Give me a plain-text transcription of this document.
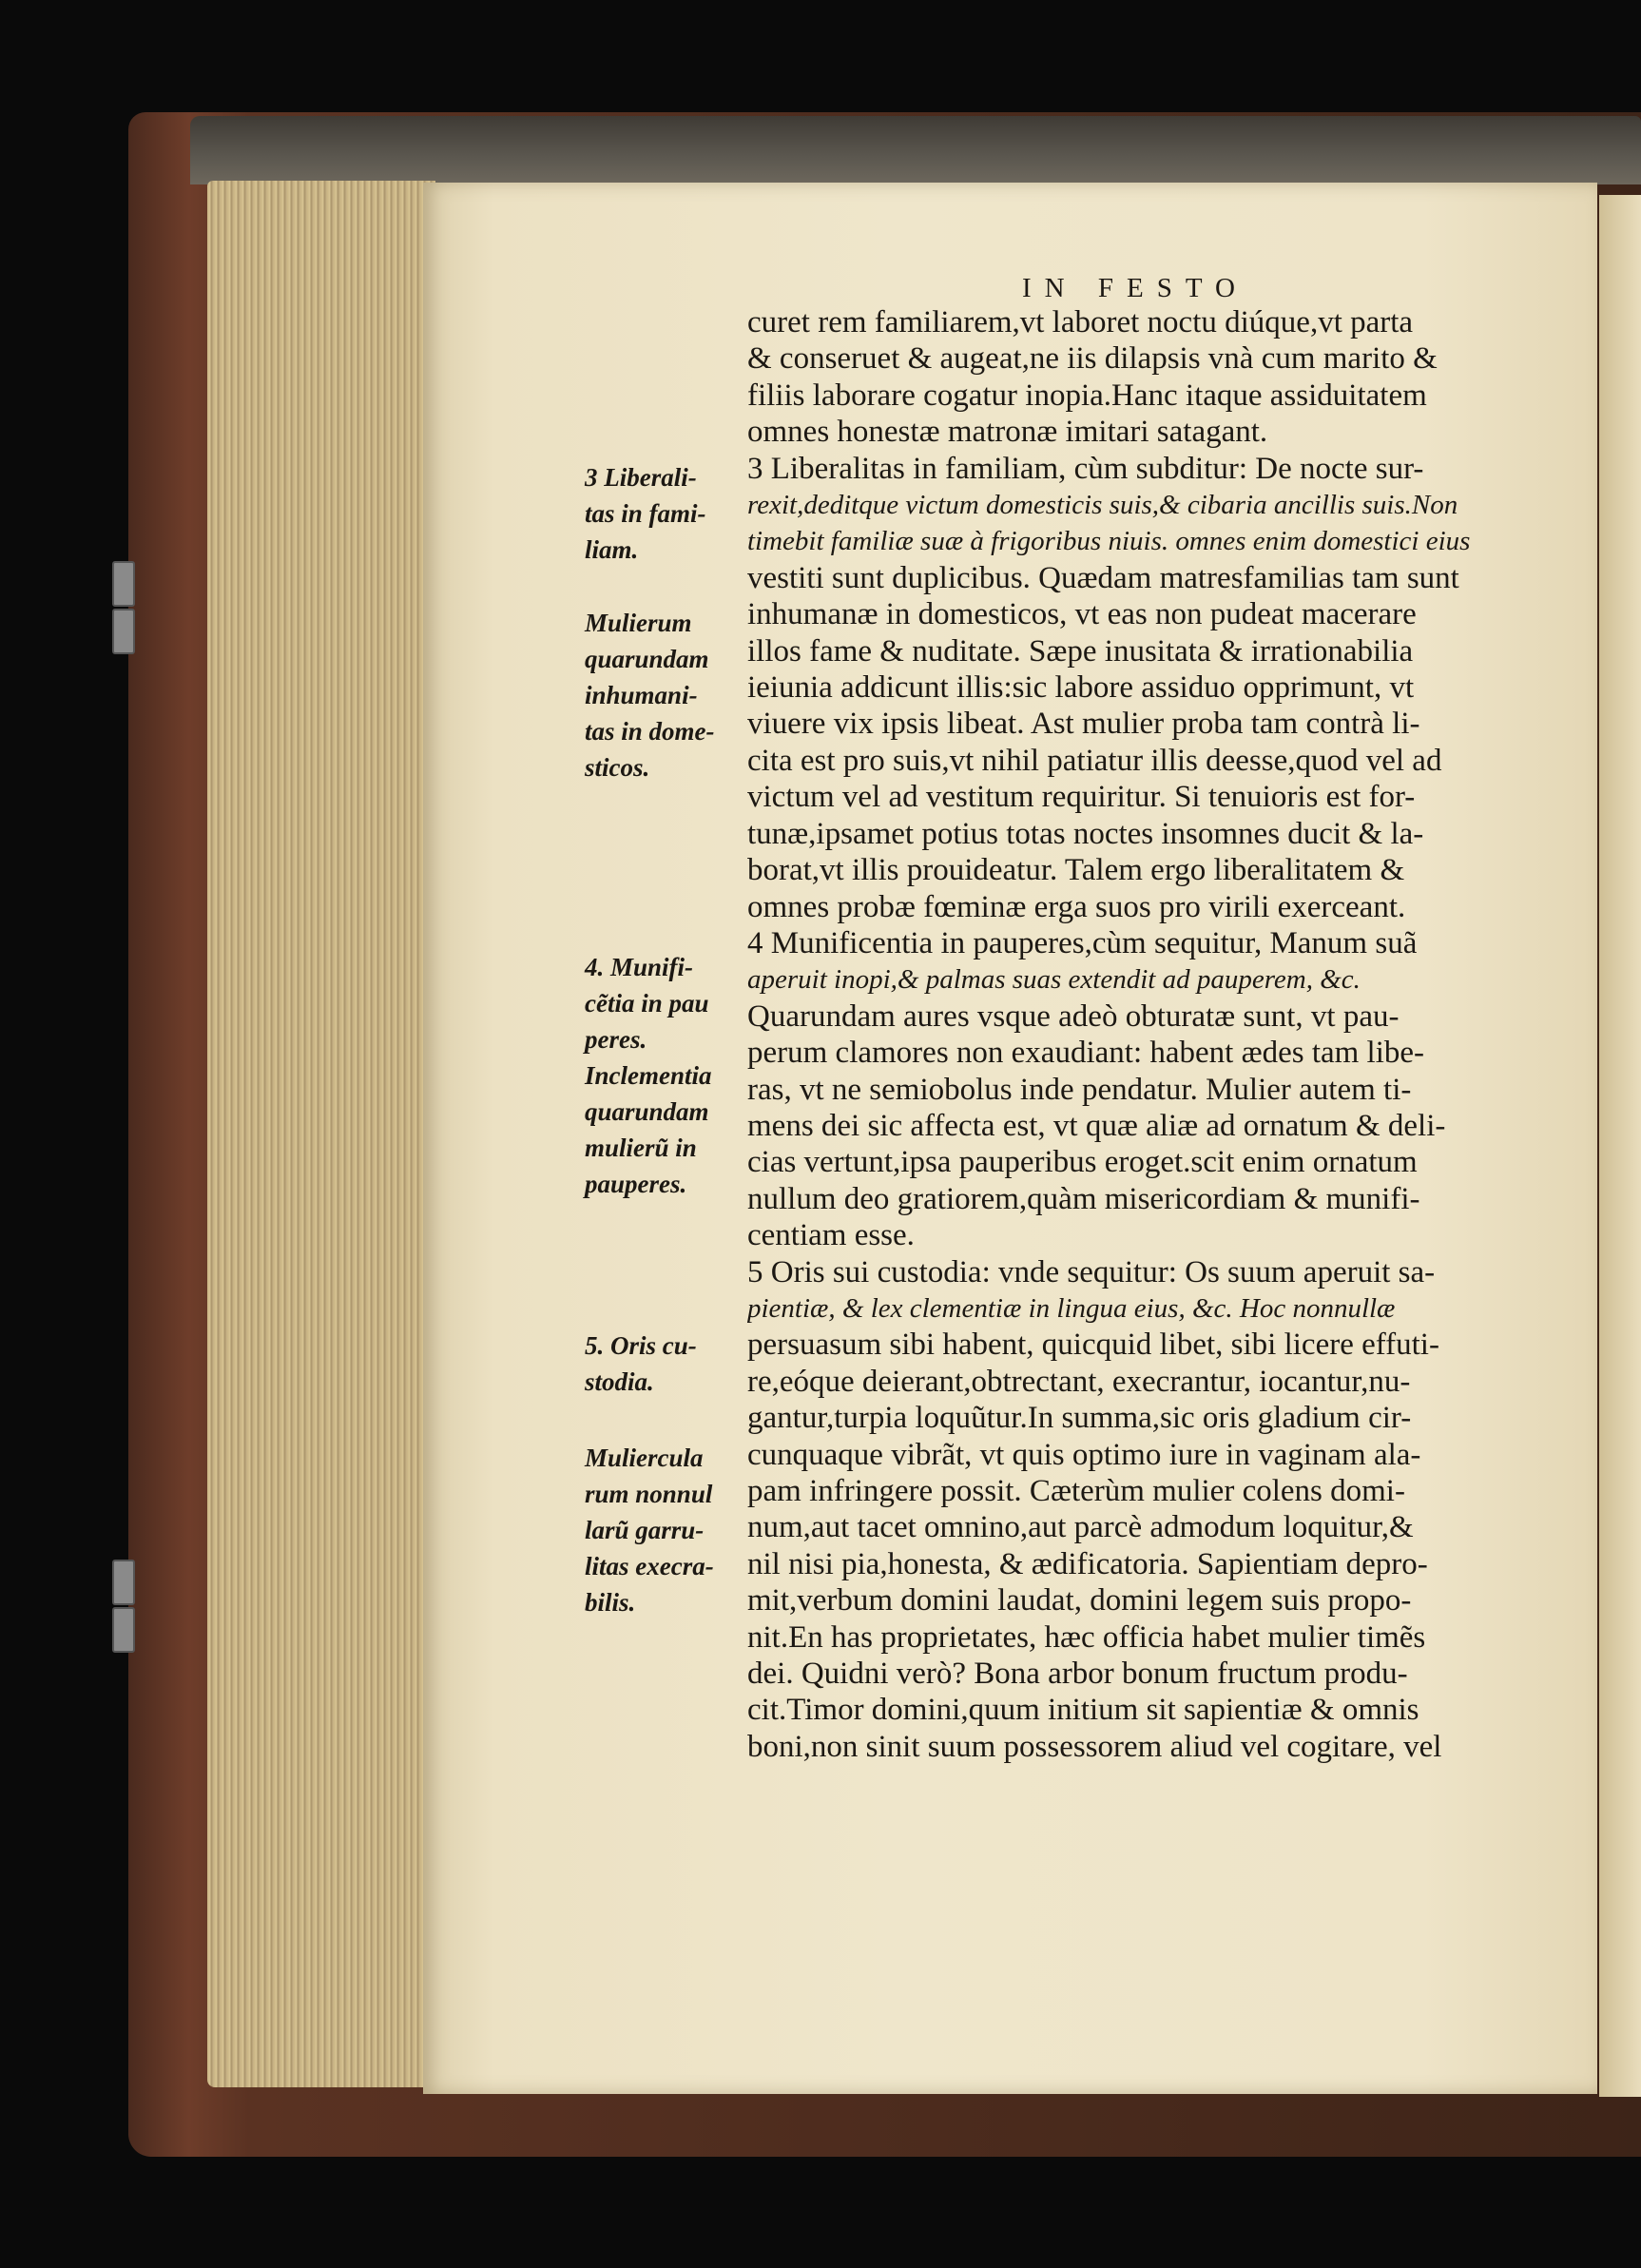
IN FESTO
curet rem familiarem,vt laboret noctu diúque,vt parta
& conseruet & augeat,ne iis dilapsis vnà cum marito &
filiis laborare cogatur inopia.Hanc itaque assiduitatem
omnes honestæ matronæ imitari satagant.
3 Liberalitas in familiam, cùm subditur: De nocte sur-
rexit,deditque victum domesticis suis,& cibaria ancillis suis.Non
timebit familiæ suæ à frigoribus niuis. omnes enim domestici eius
vestiti sunt duplicibus. Quædam matresfamilias tam sunt
inhumanæ in domesticos, vt eas non pudeat macerare
illos fame & nuditate. Sæpe inusitata & irrationabilia
ieiunia addicunt illis:sic labore assiduo opprimunt, vt
viuere vix ipsis libeat. Ast mulier proba tam contrà li-
cita est pro suis,vt nihil patiatur illis deesse,quod vel ad
victum vel ad vestitum requiritur. Si tenuioris est for-
tunæ,ipsamet potius totas noctes insomnes ducit & la-
borat,vt illis prouideatur. Talem ergo liberalitatem &
omnes probæ fœminæ erga suos pro virili exerceant.
4 Munificentia in pauperes,cùm sequitur, Manum suã
aperuit inopi,& palmas suas extendit ad pauperem, &c.
Quarundam aures vsque adeò obturatæ sunt, vt pau-
perum clamores non exaudiant: habent ædes tam libe-
ras, vt ne semiobolus inde pendatur. Mulier autem ti-
mens dei sic affecta est, vt quæ aliæ ad ornatum & deli-
cias vertunt,ipsa pauperibus eroget.scit enim ornatum
nullum deo gratiorem,quàm misericordiam & munifi-
centiam esse.
5 Oris sui custodia: vnde sequitur: Os suum aperuit sa-
pientiæ, & lex clementiæ in lingua eius, &c. Hoc nonnullæ
persuasum sibi habent, quicquid libet, sibi licere effuti-
re,eóque deierant,obtrectant, execrantur, iocantur,nu-
gantur,turpia loquũtur.In summa,sic oris gladium cir-
cunquaque vibrãt, vt quis optimo iure in vaginam ala-
pam infringere possit. Cæterùm mulier colens domi-
num,aut tacet omnino,aut parcè admodum loquitur,&
nil nisi pia,honesta, & ædificatoria. Sapientiam depro-
mit,verbum domini laudat, domini legem suis propo-
nit.En has proprietates, hæc officia habet mulier timẽs
dei. Quidni verò? Bona arbor bonum fructum produ-
cit.Timor domini,quum initium sit sapientiæ & omnis
boni,non sinit suum possessorem aliud vel cogitare, vel
3 Liberali-
tas in fami-
liam.
Mulierum
quarundam
inhumani-
tas in dome-
sticos.
4. Munifi-
cẽtia in pau
peres.
Inclementia
quarundam
mulierũ in
pauperes.
5. Oris cu-
stodia.
Muliercula
rum nonnul
larũ garru-
litas execra-
bilis.
